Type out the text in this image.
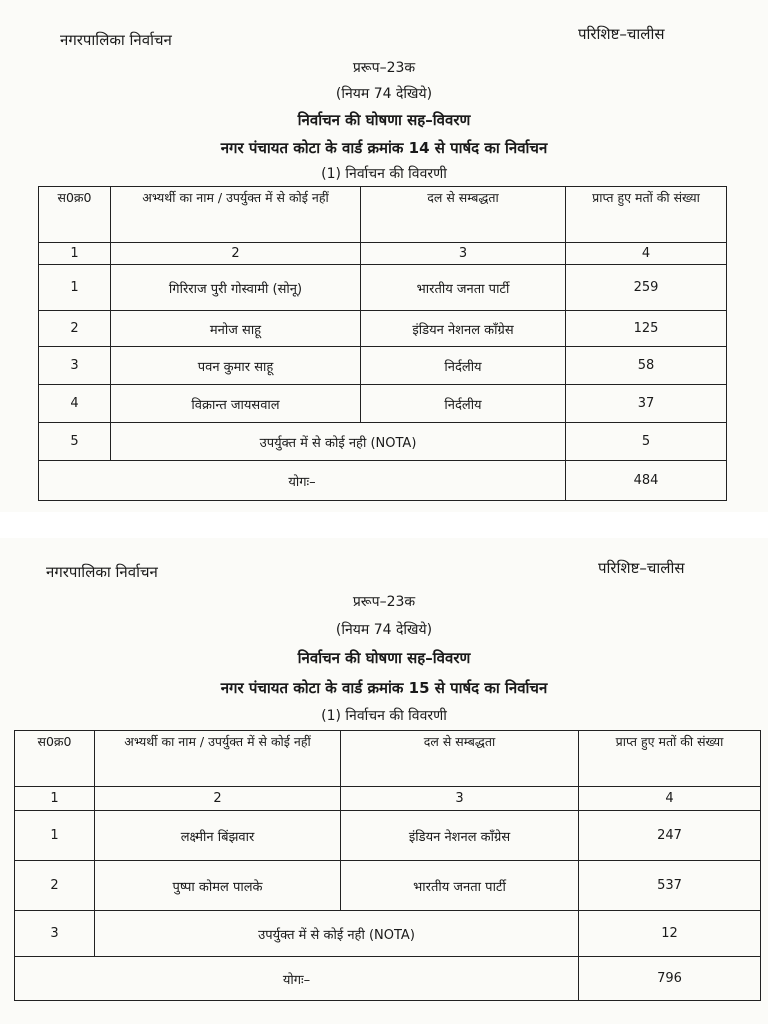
नगरपालिका निर्वाचन	परिशिष्ट–चालीस
प्ररूप–23क
(नियम 74 देखिये)
निर्वाचन की घोषणा सह–विवरण
नगर पंचायत कोटा के वार्ड क्रमांक 14 से पार्षद का निर्वाचन
(1) निर्वाचन की विवरणी
स0क्र0	अभ्यर्थी का नाम / उपर्युक्त में से कोई नहीं	दल से सम्बद्धता	प्राप्त हुए मतों की संख्या
1	2	3	4
1	गिरिराज पुरी गोस्वामी (सोनू)	भारतीय जनता पार्टी	259
2	मनोज साहू	इंडियन नेशनल कॉंग्रेस	125
3	पवन कुमार साहू	निर्दलीय	58
4	विक्रान्त जायसवाल	निर्दलीय	37
5	उपर्युक्त में से कोई नही (NOTA)		5
योगः–			484
नगरपालिका निर्वाचन	परिशिष्ट–चालीस
प्ररूप–23क
(नियम 74 देखिये)
निर्वाचन की घोषणा सह–विवरण
नगर पंचायत कोटा के वार्ड क्रमांक 15 से पार्षद का निर्वाचन
(1) निर्वाचन की विवरणी
स0क्र0	अभ्यर्थी का नाम / उपर्युक्त में से कोई नहीं	दल से सम्बद्धता	प्राप्त हुए मतों की संख्या
1	2	3	4
1	लक्ष्मीन बिंझवार	इंडियन नेशनल कॉंग्रेस	247
2	पुष्पा कोमल पालके	भारतीय जनता पार्टी	537
3	उपर्युक्त में से कोई नही (NOTA)		12
योगः–			796
